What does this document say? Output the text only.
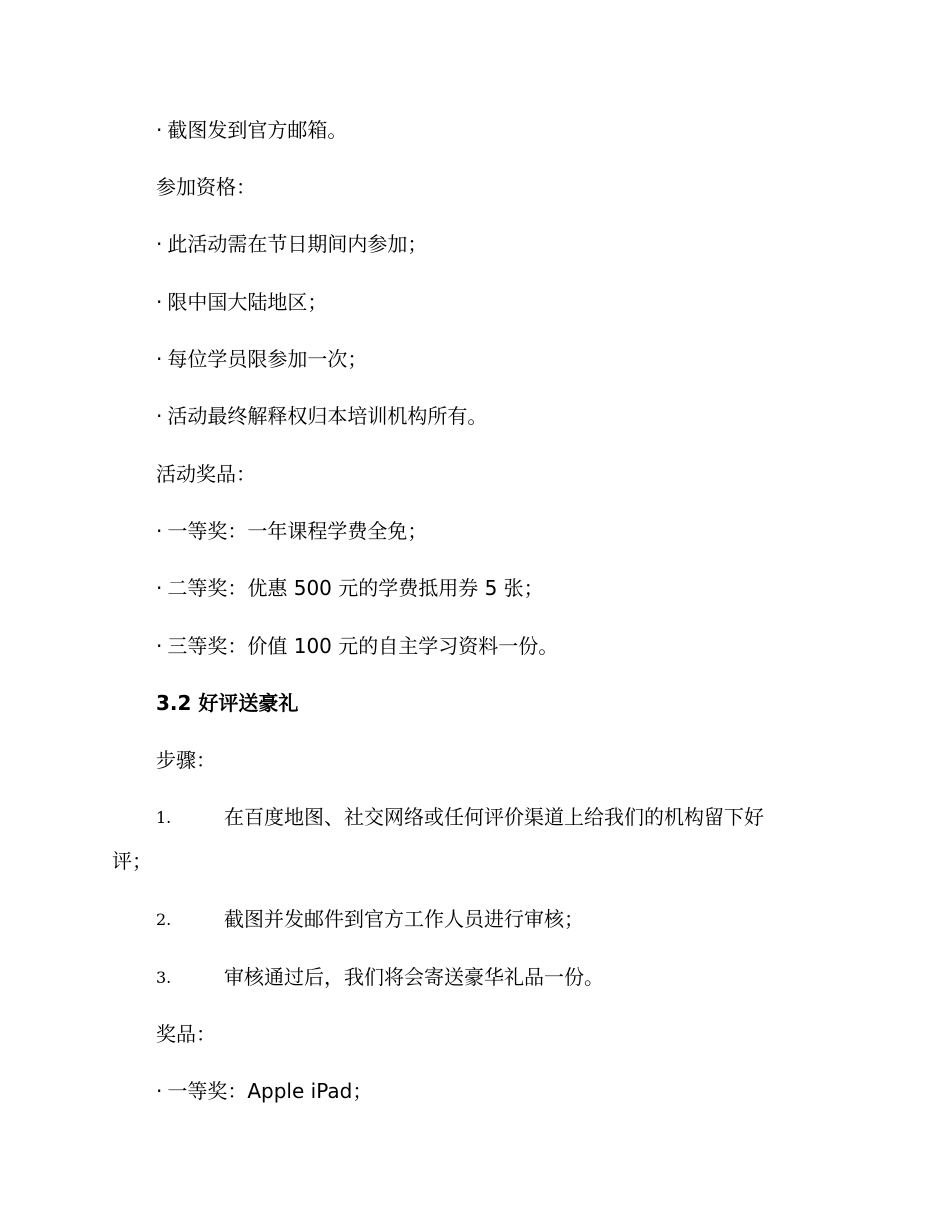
· 截图发到官方邮箱。
参加资格：
· 此活动需在节日期间内参加；
· 限中国大陆地区；
· 每位学员限参加一次；
· 活动最终解释权归本培训机构所有。
活动奖品：
· 一等奖：一年课程学费全免；
· 二等奖：优惠 500 元的学费抵用券 5 张；
· 三等奖：价值 100 元的自主学习资料一份。
3.2 好评送豪礼
步骤：
1.	在百度地图、社交网络或任何评价渠道上给我们的机构留下好
评；
2.	截图并发邮件到官方工作人员进行审核；
3.	审核通过后，我们将会寄送豪华礼品一份。
奖品：
· 一等奖：Apple iPad；
